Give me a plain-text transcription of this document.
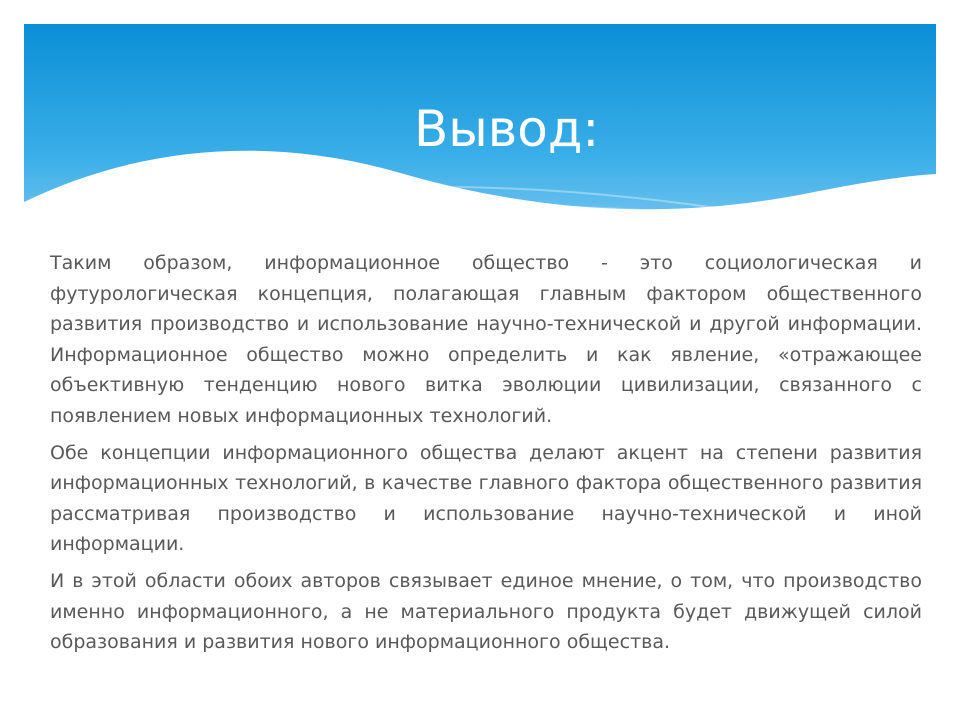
Вывод:

Таким образом, информационное общество - это социологическая и футурологическая концепция, полагающая главным фактором общественного развития производство и использование научно-технической и другой информации. Информационное общество можно определить и как явление, «отражающее объективную тенденцию нового витка эволюции цивилизации, связанного с появлением новых информационных технологий.

Обе концепции информационного общества делают акцент на степени развития информационных технологий, в качестве главного фактора общественного развития рассматривая производство и использование научно-технической и иной информации.

И в этой области обоих авторов связывает единое мнение, о том, что производство именно информационного, а не материального продукта будет движущей силой образования и развития нового информационного общества.
